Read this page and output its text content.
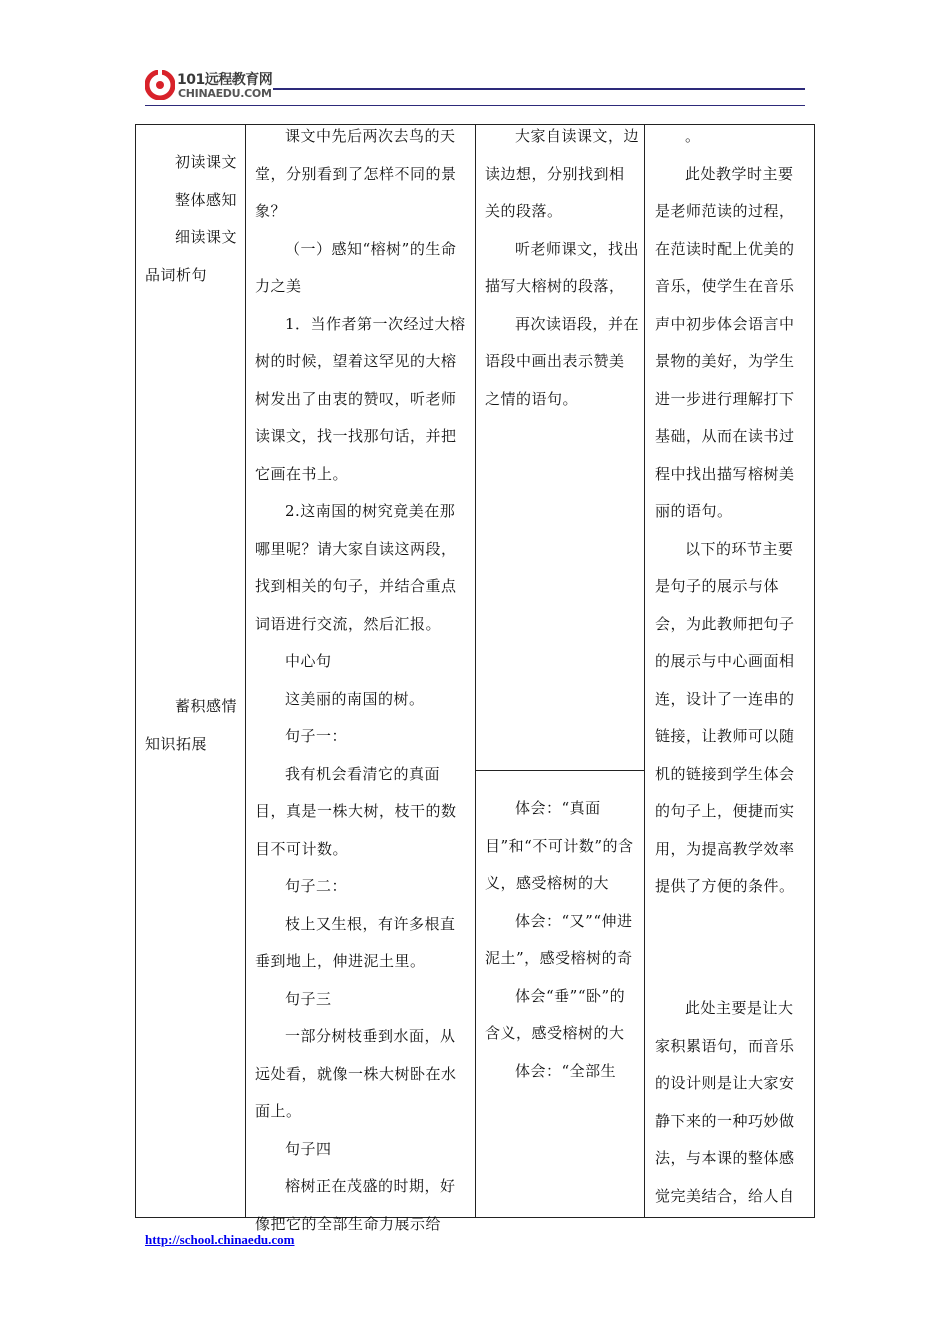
101远程教育网
CHINAEDU.COM

初读课文

整体感知

细读课文品词析句

蓄积感情知识拓展

课文中先后两次去鸟的天堂，分别看到了怎样不同的景象？

（一）感知“榕树”的生命力之美

1．当作者第一次经过大榕树的时候，望着这罕见的大榕树发出了由衷的赞叹，听老师读课文，找一找那句话，并把它画在书上。

2.这南国的树究竟美在那哪里呢？请大家自读这两段，找到相关的句子，并结合重点词语进行交流，然后汇报。

中心句

这美丽的南国的树。

句子一：

我有机会看清它的真面目，真是一株大树，枝干的数目不可计数。

句子二：

枝上又生根，有许多根直垂到地上，伸进泥土里。

句子三

一部分树枝垂到水面，从远处看，就像一株大树卧在水面上。

句子四

榕树正在茂盛的时期，好像把它的全部生命力展示给

大家自读课文，边读边想，分别找到相关的段落。

听老师课文，找出描写大榕树的段落，

再次读语段，并在语段中画出表示赞美之情的语句。

体会：“真面目”和“不可计数”的含义，感受榕树的大

体会：“又”“伸进泥土”，感受榕树的奇

体会“垂”“卧”的含义，感受榕树的大

体会：“全部生

。

此处教学时主要是老师范读的过程，在范读时配上优美的音乐，使学生在音乐声中初步体会语言中景物的美好，为学生进一步进行理解打下基础，从而在读书过程中找出描写榕树美丽的语句。

以下的环节主要是句子的展示与体会，为此教师把句子的展示与中心画面相连，设计了一连串的链接，让教师可以随机的链接到学生体会的句子上，便捷而实用，为提高教学效率提供了方便的条件。

此处主要是让大家积累语句，而音乐的设计则是让大家安静下来的一种巧妙做法，与本课的整体感觉完美结合，给人自

http://school.chinaedu.com
